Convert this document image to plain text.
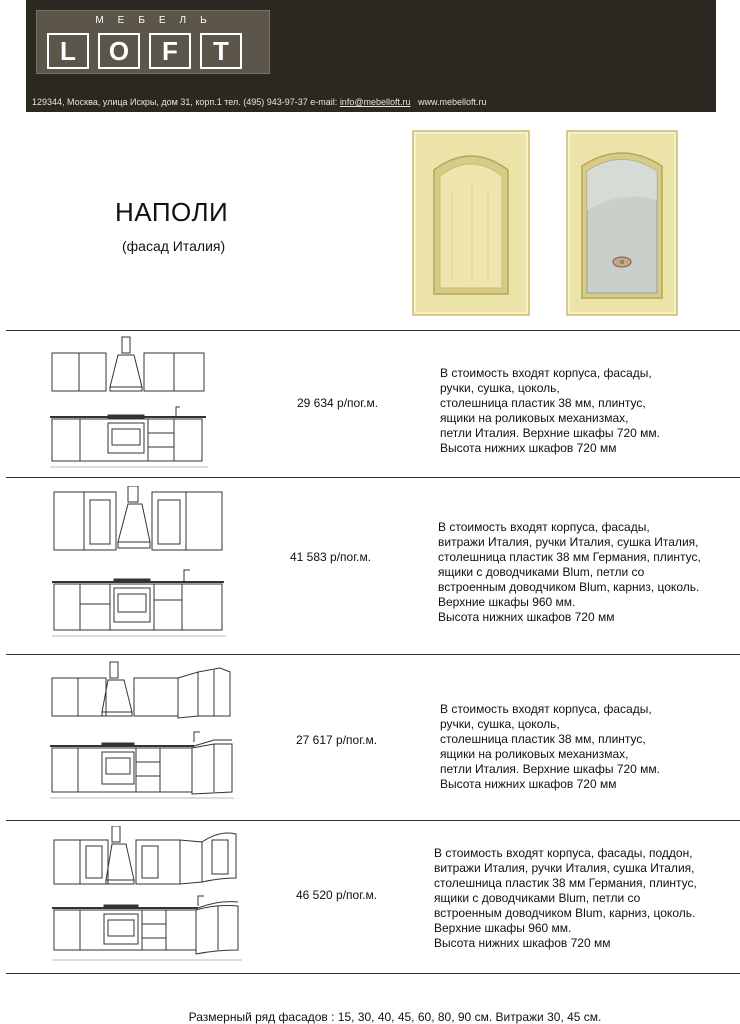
МЕБЕЛЬ
L	O	F	T
129344, Москва, улица Искры, дом 31, корп.1 тел. (495) 943-97-37 e-mail: info@mebelloft.ru www.mebelloft.ru
НАПОЛИ
(фасад Италия)
29 634 р/пог.м.
В стоимость входят корпуса, фасады,
ручки, сушка, цоколь,
столешница пластик 38 мм, плинтус,
ящики на роликовых механизмах,
петли Италия. Верхние шкафы 720 мм.
Высота нижних шкафов 720 мм
41 583 р/пог.м.
В стоимость входят корпуса, фасады,
витражи Италия, ручки Италия, сушка Италия,
столешница пластик 38 мм Германия, плинтус,
ящики с доводчиками Blum, петли со
встроенным доводчиком Blum, карниз, цоколь.
Верхние шкафы 960 мм.
Высота нижних шкафов 720 мм
27 617 р/пог.м.
В стоимость входят корпуса, фасады,
ручки, сушка, цоколь,
столешница пластик 38 мм, плинтус,
ящики на роликовых механизмах,
петли Италия. Верхние шкафы 720 мм.
Высота нижних шкафов 720 мм
46 520 р/пог.м.
В стоимость входят корпуса, фасады, поддон,
витражи Италия, ручки Италия, сушка Италия,
столешница пластик 38 мм Германия, плинтус,
ящики с доводчиками Blum, петли со
встроенным доводчиком Blum, карниз, цоколь.
Верхние шкафы 960 мм.
Высота нижних шкафов 720 мм
Размерный ряд фасадов : 15, 30, 40, 45, 60, 80, 90 см. Витражи 30, 45 см.
